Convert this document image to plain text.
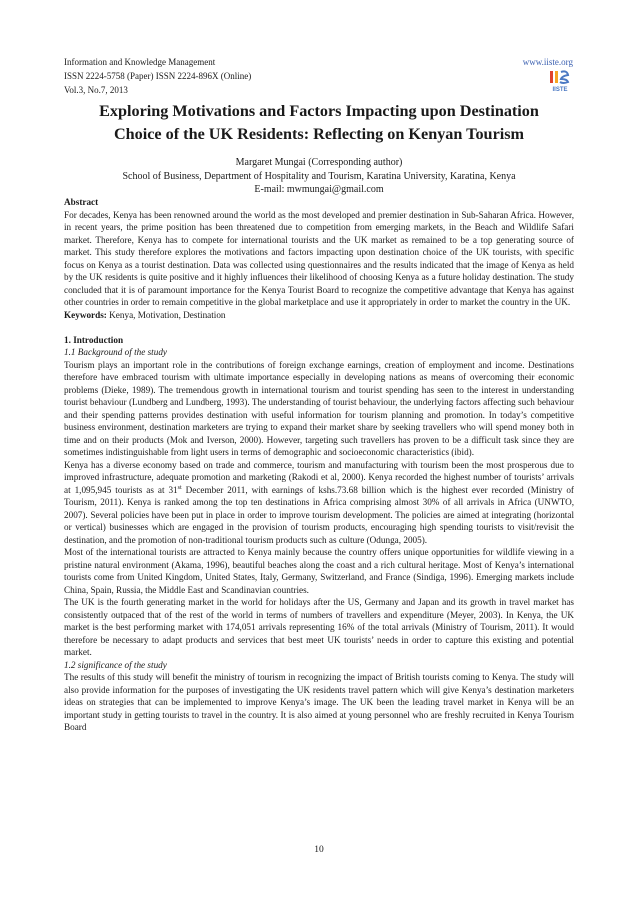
Information and Knowledge Management
ISSN 2224-5758 (Paper) ISSN 2224-896X (Online)
Vol.3, No.7, 2013
www.iiste.org
IISTE
Exploring Motivations and Factors Impacting upon Destination
Choice of the UK Residents: Reflecting on Kenyan Tourism
Margaret Mungai (Corresponding author)
School of Business, Department of Hospitality and Tourism, Karatina University, Karatina, Kenya
E-mail: mwmungai@gmail.com

Abstract

For decades, Kenya has been renowned around the world as the most developed and premier destination in Sub-Saharan Africa. However, in recent years, the prime position has been threatened due to competition from emerging markets, in the Beach and Wildlife Safari market. Therefore, Kenya has to compete for international tourists and the UK market as remained to be a top generating source of market. This study therefore explores the motivations and factors impacting upon destination choice of the UK tourists, with specific focus on Kenya as a tourist destination. Data was collected using questionnaires and the results indicated that the image of Kenya as held by the UK residents is quite positive and it highly influences their likelihood of choosing Kenya as a future holiday destination. The study concluded that it is of paramount importance for the Kenya Tourist Board to recognize the competitive advantage that Kenya has against other countries in order to remain competitive in the global marketplace and use it appropriately in order to market the country in the UK.

Keywords: Kenya, Motivation, Destination

1. Introduction

1.1 Background of the study

Tourism plays an important role in the contributions of foreign exchange earnings, creation of employment and income. Destinations therefore have embraced tourism with ultimate importance especially in developing nations as means of overcoming their economic problems (Dieke, 1989). The tremendous growth in international tourism and tourist spending has seen to the interest in understanding tourist behaviour (Lundberg and Lundberg, 1993). The understanding of tourist behaviour, the underlying factors affecting such behaviour and their spending patterns provides destination with useful information for tourism planning and promotion. In today’s competitive business environment, destination marketers are trying to expand their market share by seeking travellers who will spend money both in time and on their products (Mok and Iverson, 2000). However, targeting such travellers has proven to be a difficult task since they are sometimes indistinguishable from light users in terms of demographic and socioeconomic characteristics (ibid).

Kenya has a diverse economy based on trade and commerce, tourism and manufacturing with tourism been the most prosperous due to improved infrastructure, adequate promotion and marketing (Rakodi et al, 2000). Kenya recorded the highest number of tourists’ arrivals at 1,095,945 tourists as at 31st December 2011, with earnings of kshs.73.68 billion which is the highest ever recorded (Ministry of Tourism, 2011). Kenya is ranked among the top ten destinations in Africa comprising almost 30% of all arrivals in Africa (UNWTO, 2007). Several policies have been put in place in order to improve tourism development. The policies are aimed at integrating (horizontal or vertical) businesses which are engaged in the provision of tourism products, encouraging high spending tourists to visit/revisit the destination, and the promotion of non-traditional tourism products such as culture (Odunga, 2005).

Most of the international tourists are attracted to Kenya mainly because the country offers unique opportunities for wildlife viewing in a pristine natural environment (Akama, 1996), beautiful beaches along the coast and a rich cultural heritage. Most of Kenya’s international tourists come from United Kingdom, United States, Italy, Germany, Switzerland, and France (Sindiga, 1996). Emerging markets include China, Spain, Russia, the Middle East and Scandinavian countries.

The UK is the fourth generating market in the world for holidays after the US, Germany and Japan and its growth in travel market has consistently outpaced that of the rest of the world in terms of numbers of travellers and expenditure (Meyer, 2003). In Kenya, the UK market is the best performing market with 174,051 arrivals representing 16% of the total arrivals (Ministry of Tourism, 2011). It would therefore be necessary to adapt products and services that best meet UK tourists’ needs in order to capture this existing and potential market.

1.2 significance of the study

The results of this study will benefit the ministry of tourism in recognizing the impact of British tourists coming to Kenya. The study will also provide information for the purposes of investigating the UK residents travel pattern which will give Kenya’s destination marketers ideas on strategies that can be implemented to improve Kenya’s image. The UK been the leading travel market in Kenya will be an important study in getting tourists to travel in the country. It is also aimed at young personnel who are freshly recruited in Kenya Tourism Board

10
